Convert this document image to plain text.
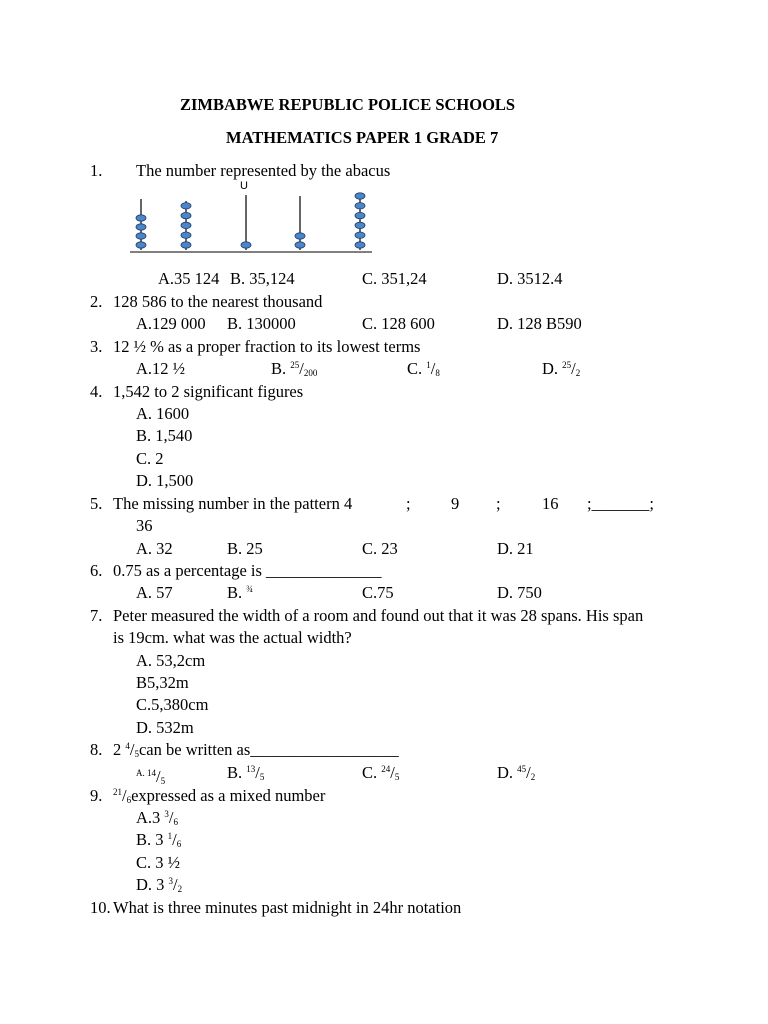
ZIMBABWE REPUBLIC POLICE SCHOOLS
MATHEMATICS PAPER 1 GRADE 7
1. The number represented by the abacus
U
A.35 124 B. 35,124	C. 351,24	D. 3512.4
2. 128 586 to the nearest thousand
A.129 000 B. 130000	C. 128 600	D. 128 B590
3. 12 ½ % as a proper fraction to its lowest terms
A.12 ½	B. $^{25}/_{200}$	C. $^1/_8$	D. $^{25}/_2$
4. 1,542 to 2 significant figures
A. 1600
B. 1,540
C. 2
D. 1,500
5. The missing number in the pattern 4	; 9 ;	16 ;_______;
36
A. 32	B. 25	C. 23	D. 21
6. 0.75 as a percentage is ______________
A. 57	B. $^{\frac{3}{4}}$	C.75	D. 750
7. Peter measured the width of a room and found out that it was 28 spans. His span
is 19cm. what was the actual width?
A. 53,2cm
B5,32m
C.5,380cm
D. 532m
8. 2 $^4/_5can$ be written as__________________
$^{A.}$ $^{14}/_5$	B. $^{13}/_5$	C. $^{24}/_5$	D. $^{45}/_2$
9. $^{21}/_6expressed$ as a mixed number
A.3 $^3/_6$
B. 3 $^1/_6$
C. 3 ½
D. 3 $^3/_2$
10. What is three minutes past midnight in 24hr notation
